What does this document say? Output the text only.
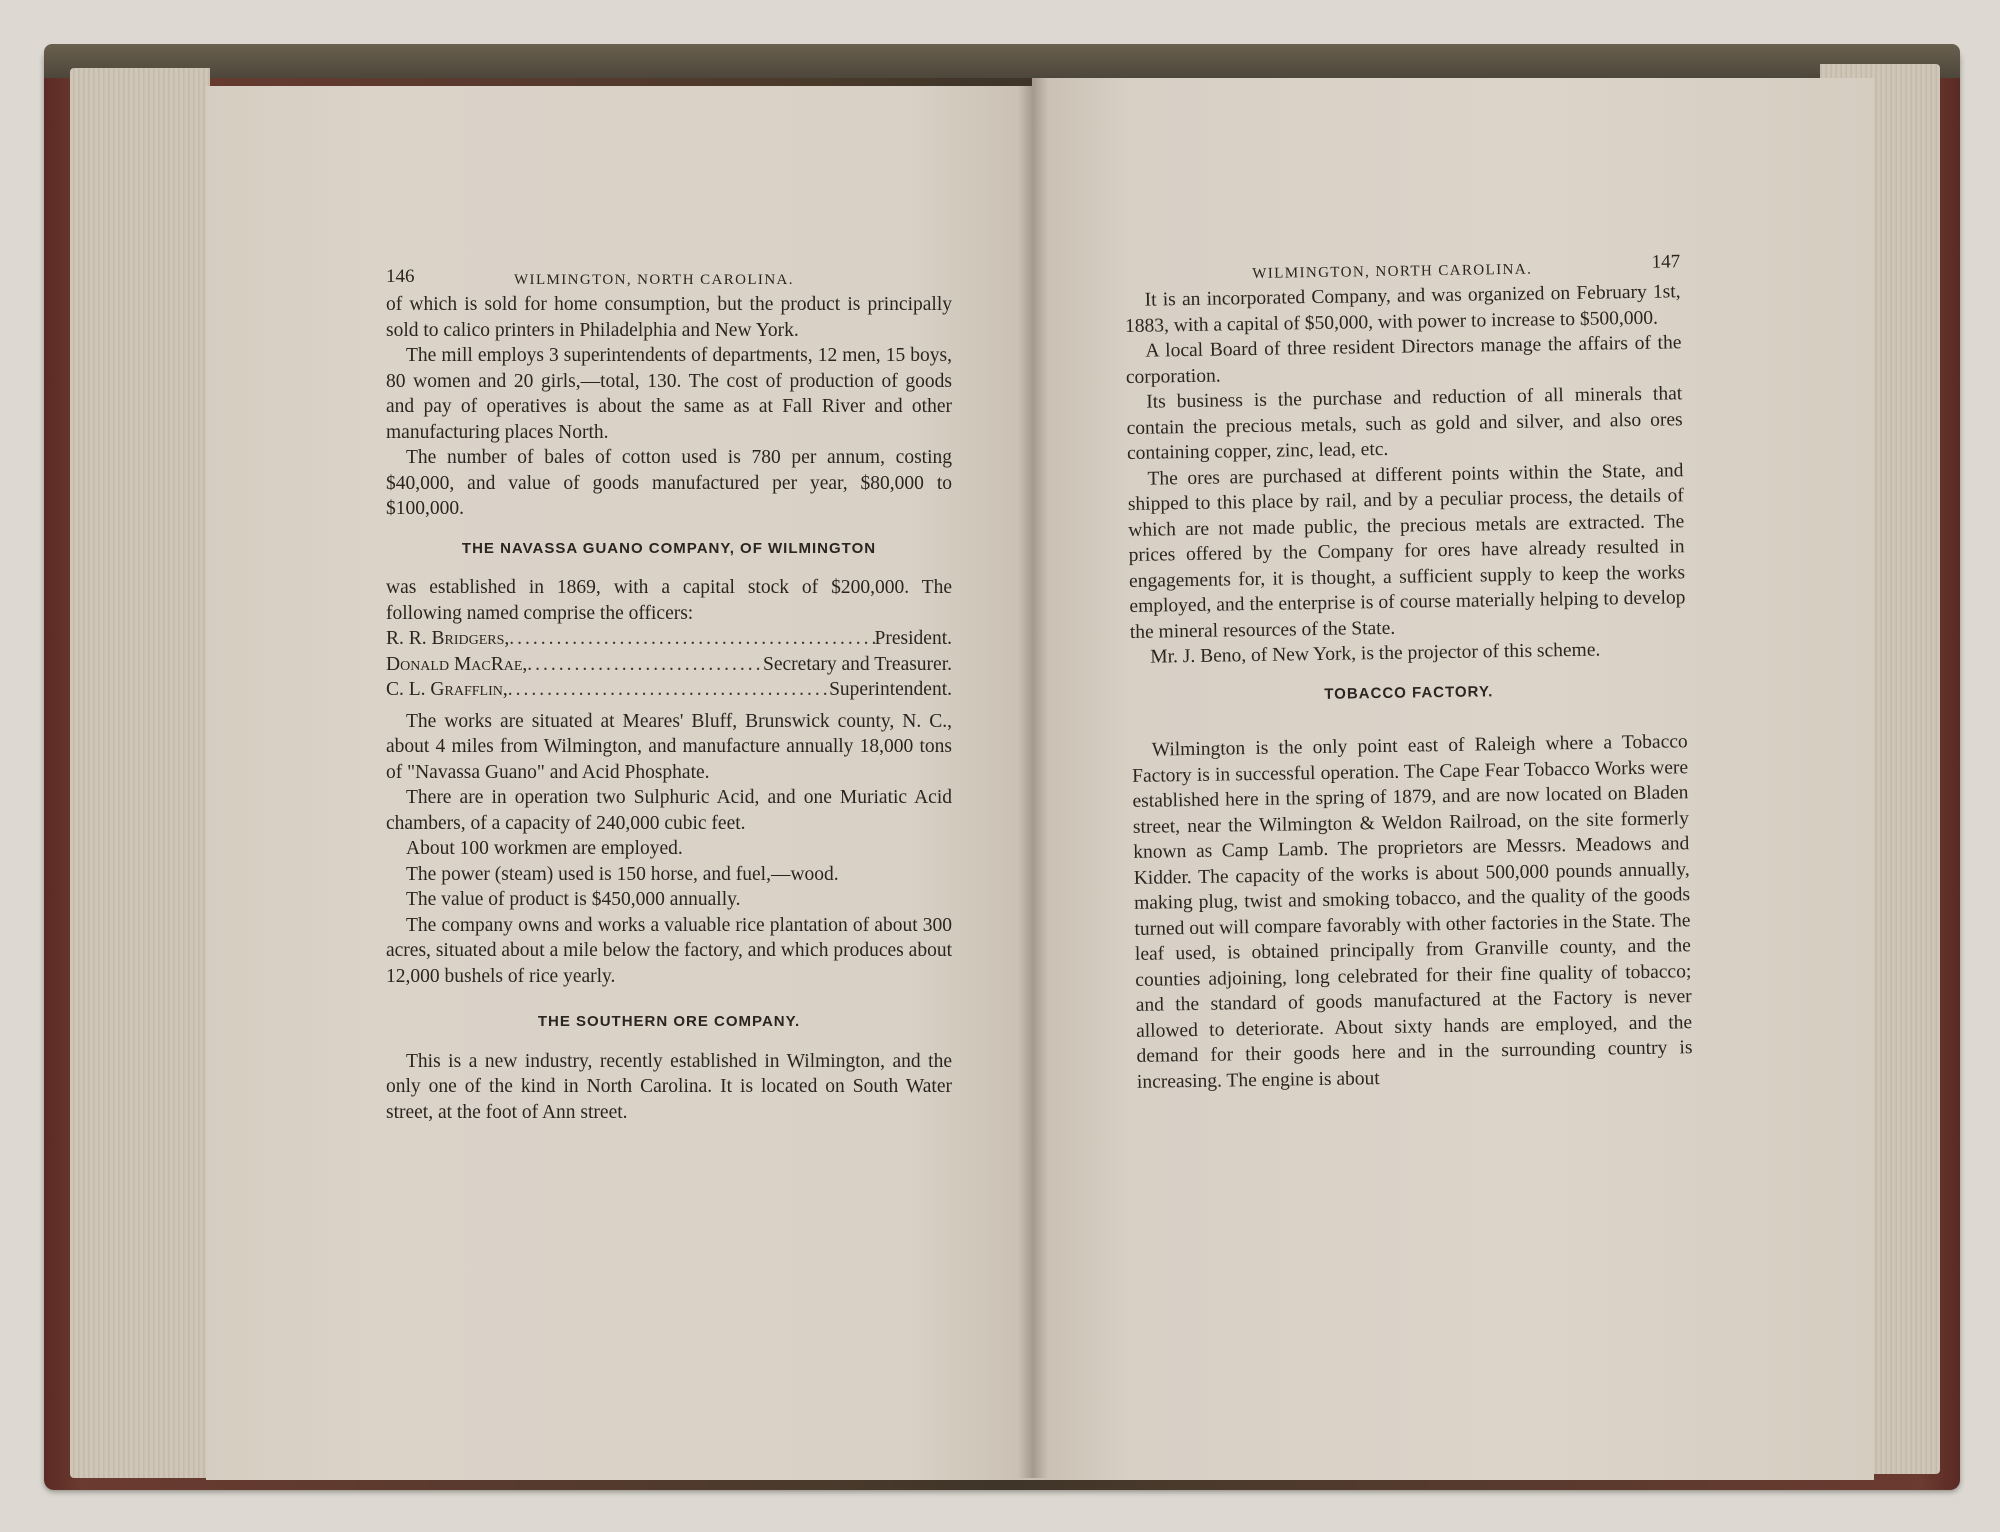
146	WILMINGTON, NORTH CAROLINA.

of which is sold for home consumption, but the product is principally sold to calico printers in Philadelphia and New York.

The mill employs 3 superintendents of departments, 12 men, 15 boys, 80 women and 20 girls,—total, 130. The cost of production of goods and pay of operatives is about the same as at Fall River and other manufacturing places North.

The number of bales of cotton used is 780 per annum, costing $40,000, and value of goods manufactured per year, $80,000 to $100,000.

THE NAVASSA GUANO COMPANY, OF WILMINGTON

was established in 1869, with a capital stock of $200,000. The following named comprise the officers:

R. R. Bridgers, .....	President.
Donald MacRae, .....	Secretary and Treasurer.
C. L. Grafflin, .....	Superintendent.

The works are situated at Meares' Bluff, Brunswick county, N. C., about 4 miles from Wilmington, and manufacture annually 18,000 tons of "Navassa Guano" and Acid Phosphate.

There are in operation two Sulphuric Acid, and one Muriatic Acid chambers, of a capacity of 240,000 cubic feet.

About 100 workmen are employed.

The power (steam) used is 150 horse, and fuel,—wood.

The value of product is $450,000 annually.

The company owns and works a valuable rice plantation of about 300 acres, situated about a mile below the factory, and which produces about 12,000 bushels of rice yearly.

THE SOUTHERN ORE COMPANY.

This is a new industry, recently established in Wilmington, and the only one of the kind in North Carolina. It is located on South Water street, at the foot of Ann street.

WILMINGTON, NORTH CAROLINA.	147

It is an incorporated Company, and was organized on February 1st, 1883, with a capital of $50,000, with power to increase to $500,000.

A local Board of three resident Directors manage the affairs of the corporation.

Its business is the purchase and reduction of all minerals that contain the precious metals, such as gold and silver, and also ores containing copper, zinc, lead, etc.

The ores are purchased at different points within the State, and shipped to this place by rail, and by a peculiar process, the details of which are not made public, the precious metals are extracted. The prices offered by the Company for ores have already resulted in engagements for, it is thought, a sufficient supply to keep the works employed, and the enterprise is of course materially helping to develop the mineral resources of the State.

Mr. J. Beno, of New York, is the projector of this scheme.

TOBACCO FACTORY.

Wilmington is the only point east of Raleigh where a Tobacco Factory is in successful operation. The Cape Fear Tobacco Works were established here in the spring of 1879, and are now located on Bladen street, near the Wilmington & Weldon Railroad, on the site formerly known as Camp Lamb. The proprietors are Messrs. Meadows and Kidder. The capacity of the works is about 500,000 pounds annually, making plug, twist and smoking tobacco, and the quality of the goods turned out will compare favorably with other factories in the State. The leaf used, is obtained principally from Granville county, and the counties adjoining, long celebrated for their fine quality of tobacco; and the standard of goods manufactured at the Factory is never allowed to deteriorate. About sixty hands are employed, and the demand for their goods here and in the surrounding country is increasing. The engine is about
